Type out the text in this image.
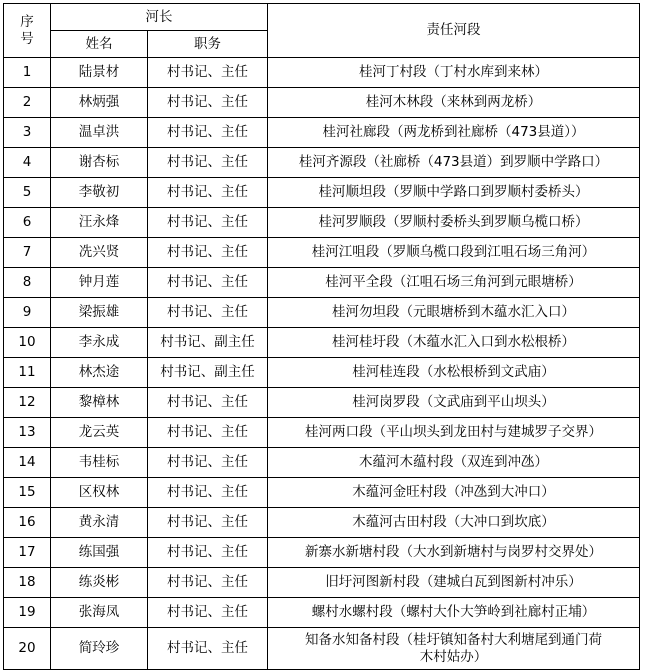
序
号	河长		责任河段
	姓名	职务	
1	陆景材	村书记、主任	桂河丁村段（丁村水库到来林）
2	林炳强	村书记、主任	桂河木林段（来林到两龙桥）
3	温卓洪	村书记、主任	桂河社廊段（两龙桥到社廊桥（473县道））
4	谢杏标	村书记、主任	桂河齐源段（社廊桥（473县道）到罗顺中学路口）
5	李敬初	村书记、主任	桂河顺坦段（罗顺中学路口到罗顺村委桥头）
6	汪永烽	村书记、主任	桂河罗顺段（罗顺村委桥头到罗顺乌榄口桥）
7	冼兴贤	村书记、主任	桂河江咀段（罗顺乌榄口段到江咀石场三角河）
8	钟月莲	村书记、主任	桂河平全段（江咀石场三角河到元眼塘桥）
9	梁振雄	村书记、主任	桂河勿坦段（元眼塘桥到木蕴水汇入口）
10	李永成	村书记、副主任	桂河桂圩段（木蕴水汇入口到水松根桥）
11	林杰途	村书记、副主任	桂河桂连段（水松根桥到文武庙）
12	黎樟林	村书记、主任	桂河岗罗段（文武庙到平山坝头）
13	龙云英	村书记、主任	桂河两口段（平山坝头到龙田村与建城罗子交界）
14	韦桂标	村书记、主任	木蕴河木蕴村段（双连到冲氹）
15	区权林	村书记、主任	木蕴河金旺村段（冲氹到大冲口）
16	黄永清	村书记、主任	木蕴河古田村段（大冲口到坎底）
17	练国强	村书记、主任	新寨水新塘村段（大水到新塘村与岗罗村交界处）
18	练炎彬	村书记、主任	旧圩河图新村段（建城白瓦到图新村冲乐）
19	张海凤	村书记、主任	螺村水螺村段（螺村大仆大笋岭到社廊村正埔）
20	简玲珍	村书记、主任	知备水知备村段（桂圩镇知备村大利塘尾到通门荷
木村姑办）
